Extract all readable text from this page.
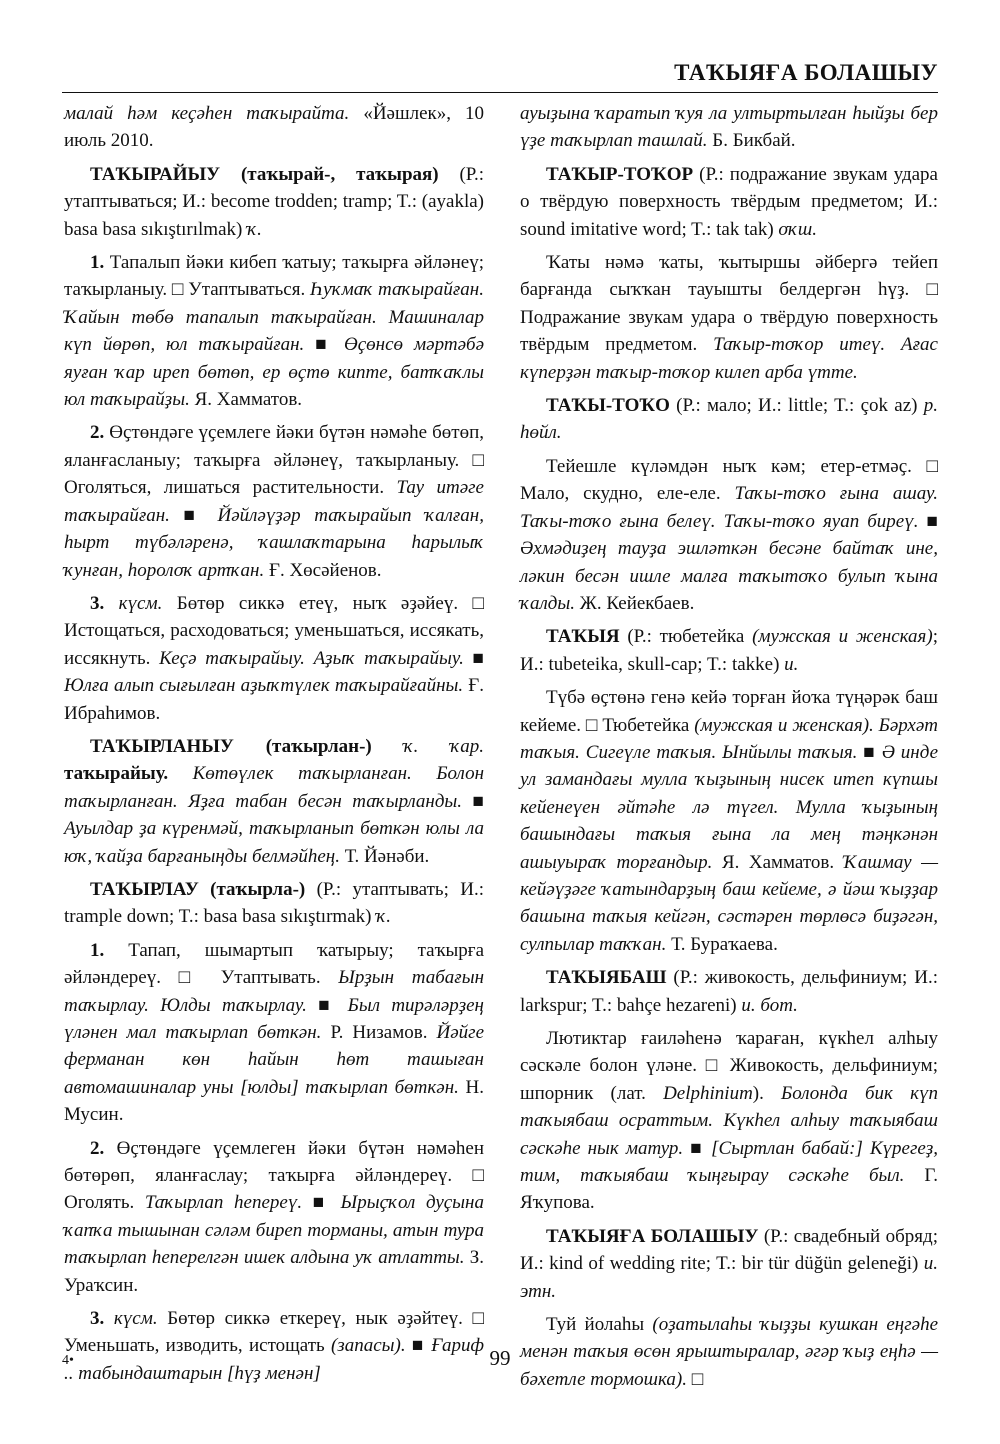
ТАҠЫЯҒА БОЛАШЫУ

малай һәм кеҫәһен таҡырайта. «Йәшлек», 10 июль 2010.

ТАҠЫРАЙЫУ (таҡырай-, таҡырая) (Р.: утаптываться; И.: become trodden; tramp; T.: (ayakla) basa basa sıkıştırılmak) ҡ.

1. Тапалып йәки кибеп ҡатыу; таҡырға әйләнеү; таҡырланыу. □ Утаптываться. Һуҡмаҡ таҡырайған. Ҡайын төбө тапалып таҡырайған. Машиналар күп йөрөп, юл таҡырайған. ■ Өҫөнсө мәртәбә яуған ҡар иреп бөтөп, ер өҫтө кипте, батҡаҡлы юл таҡырайҙы. Я. Хамматов.

2. Өҫтөндәге үҫемлеге йәки бүтән нәмәһе бөтөп, яланғасланыу; таҡырға әйләнеү, таҡырланыу. □ Оголяться, лишаться растительности. Тау итәге таҡырайған. ■ Йәйләүҙәр таҡырайып ҡалған, һырт түбәләренә, ҡашлаҡтарына һарылыҡ ҡунған, һоролоҡ артҡан. Ғ. Хөсәйенов.

3. күсм. Бөтөр сиккә етеү, ныҡ әҙәйеү. □ Истощаться, расходоваться; уменьшаться, иссякать, иссякнуть. Кеҫә таҡырайыу. Аҙыҡ таҡырайыу. ■ Юлға алып сығылған аҙыҡтүлек таҡырайғайны. Ғ. Ибраһимов.

ТАҠЫРЛАНЫУ (таҡырлан-) ҡ. ҡар. таҡырайыу. Көтөүлек таҡырланған. Болон таҡырланған. Яҙға табан бесән таҡырланды. ■ Ауылдар ҙа күренмәй, таҡырланып бөткән юлы ла юҡ, ҡайҙа барғаныңды белмәйһең. Т. Йәнәби.

ТАҠЫРЛАУ (таҡырла-) (Р.: утаптывать; И.: trample down; T.: basa basa sıkıştırmak) ҡ.

1. Тапап, шымартып ҡатырыу; таҡырға әйләндереү. □ Утаптывать. Ырҙын табағын таҡырлау. Юлды таҡырлау. ■ Был тирәләрҙең үләнен мал таҡырлап бөткән. Р. Низамов. Йәйге ферманан көн һайын һөт ташыған автомашиналар уны [юлды] таҡырлап бөткән. Н. Мусин.

2. Өҫтөндәге үҫемлеген йәки бүтән нәмәһен бөтөрөп, яланғаслау; таҡырға әйләндереү. □ Оголять. Таҡырлап һепереү. ■ Ырыҫҡол дуҫына ҡапҡа тышынан сәләм биреп торманы, атын тура таҡырлап һеперелгән ишек алдына уҡ атлатты. З. Ураҡсин.

3. күсм. Бөтөр сиккә еткереү, нык әҙәйтеү. □ Уменьшать, изводить, истощать (запасы). ■ Ғариф .. табындаштарын [һүҙ менән]

ауыҙына ҡаратып ҡуя ла ултыртылған һыйҙы бер үҙе таҡырлап ташлай. Б. Бикбай.

ТАҠЫР-ТОҠОР (Р.: подражание звукам удара о твёрдую поверхность твёрдым предметом; И.: sound imitative word; T.: tak tak) оҡш.

Ҡаты нәмә ҡаты, ҡытыршы әйбергә тейеп барғанда сыҡҡан тауышты белдергән һүҙ. □ Подражание звукам удара о твёрдую поверхность твёрдым предметом. Таҡыр-тоҡор итеү. Ағас күперҙән таҡыр-тоҡор килеп арба үтте.

ТАҠЫ-ТОҠО (Р.: мало; И.: little; T.: çok az) р. һөйл.

Тейешле күләмдән ныҡ кәм; етер-етмәҫ. □ Мало, скудно, еле-еле. Таҡы-тоҡо ғына ашау. Таҡы-тоҡо ғына белеү. Таҡы-тоҡо яуап биреү. ■ Әхмәдиҙең тауҙа эшләткән бесәне байтаҡ ине, ләкин бесән ишле малға таҡытоҡо булып ҡына ҡалды. Ж. Кейекбаев.

ТАҠЫЯ (Р.: тюбетейка (мужская и женская); И.: tubeteika, skull-cap; T.: takke) и.

Түбә өҫтөнә генә кейә торған йоҡа түңәрәк баш кейеме. □ Тюбетейка (мужская и женская). Бәрхәт таҡыя. Сигеүле таҡыя. Ынйылы таҡыя. ■ Ә инде ул замандағы мулла ҡыҙының нисек итеп күпшы кейенеүен әйтәһе лә түгел. Мулла ҡыҙының башындағы таҡыя ғына ла мең тәңкәнән ашыуыраҡ торғандыр. Я. Хамматов. Ҡашмау — кейәүҙәге ҡатындарҙың баш кейеме, ә йәш ҡыҙҙар башына таҡыя кейгән, сәстәрен төрлөсә биҙәгән, сулпылар таҡҡан. Т. Бураҡаева.

ТАҠЫЯБАШ (Р.: живокость, дельфиниум; И.: larkspur; T.: bahçe hezareni) и. бот.

Лютиктар ғаиләһенә ҡараған, күкһел алһыу сәскәле болон үләне. □ Живокость, дельфиниум; шпорник (лат. Delphinium). Болонда бик күп таҡыябаш осраттым. Күкһел алһыу таҡыябаш сәскәһе нык матур. ■ [Сыртлан бабай:] Күрегеҙ, тим, таҡыябаш ҡыңғырау сәскәһе был. Г. Яҡупова.

ТАҠЫЯҒА БОЛАШЫУ (Р.: свадебный обряд; И.: kind of wedding rite; T.: bir tür düğün geleneği) и. этн.

Туй йолаһы (оҙатылаһы ҡыҙҙы кушкан еңгәһе менән таҡыя өсөн ярыштыралар, әгәр ҡыҙ еңһә — бәхетле тормошка). □

4•	99
